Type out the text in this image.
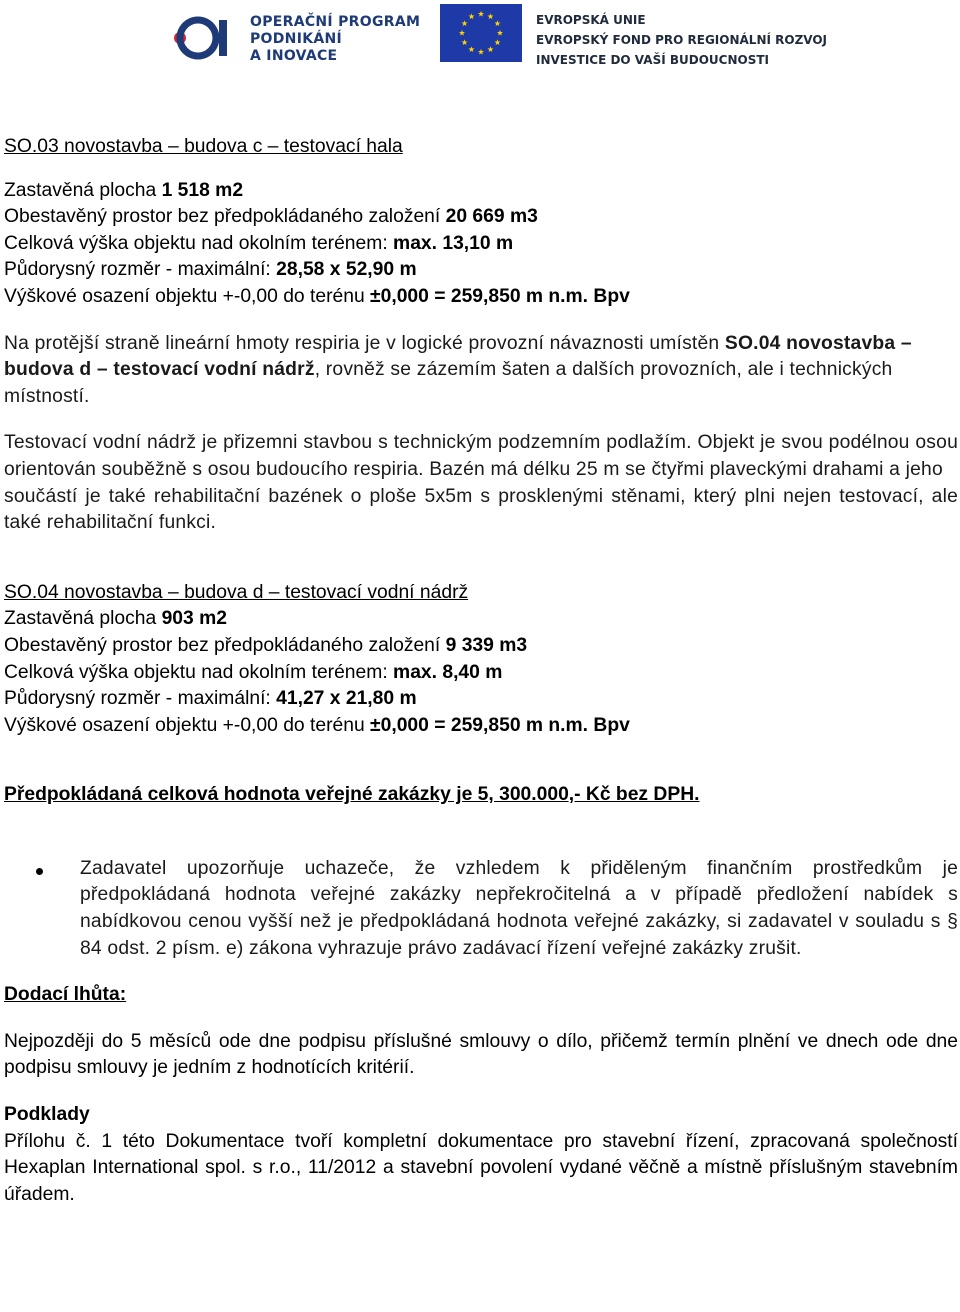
OPERAČNÍ PROGRAM
PODNIKÁNÍ
A INOVACE
EVROPSKÁ UNIE
EVROPSKÝ FOND PRO REGIONÁLNÍ ROZVOJ
INVESTICE DO VAŠÍ BUDOUCNOSTI

SO.03 novostavba – budova c – testovací hala

Zastavěná plocha 1 518 m2

Obestavěný prostor bez předpokládaného založení 20 669 m3

Celková výška objektu nad okolním terénem: max. 13,10 m

Půdorysný rozměr - maximální: 28,58 x 52,90 m

Výškové osazení objektu +-0,00 do terénu ±0,000 = 259,850 m n.m. Bpv

Na protější straně lineární hmoty respiria je v logické provozní návaznosti umístěn SO.04 novostavba – budova d – testovací vodní nádrž, rovněž se zázemím šaten a dalších provozních, ale i technických místností.

Testovací vodní nádrž je přizemni stavbou s technickým podzemním podlažím. Objekt je svou podélnou osou orientován souběžně s osou budoucího respiria. Bazén má délku 25 m se čtyřmi plaveckými drahami a jeho

součástí je také rehabilitační bazének o ploše 5x5m s prosklenými stěnami, který plni nejen testovací, ale také rehabilitační funkci.

SO.04 novostavba – budova d – testovací vodní nádrž

Zastavěná plocha 903 m2

Obestavěný prostor bez předpokládaného založení 9 339 m3

Celková výška objektu nad okolním terénem: max. 8,40 m

Půdorysný rozměr - maximální: 41,27 x 21,80 m

Výškové osazení objektu +-0,00 do terénu ±0,000 = 259,850 m n.m. Bpv

Předpokládaná celková hodnota veřejné zakázky je 5, 300.000,- Kč bez DPH.

Zadavatel upozorňuje uchazeče, že vzhledem k přiděleným finančním prostředkům je předpokládaná hodnota veřejné zakázky nepřekročitelná a v případě předložení nabídek s nabídkovou cenou vyšší než je předpokládaná hodnota veřejné zakázky, si zadavatel v souladu s § 84 odst. 2 písm. e) zákona vyhrazuje právo zadávací řízení veřejné zakázky zrušit.

Dodací lhůta:

Nejpozději do 5 měsíců ode dne podpisu příslušné smlouvy o dílo, přičemž termín plnění ve dnech ode dne podpisu smlouvy je jedním z hodnotících kritérií.

Podklady

Přílohu č. 1 této Dokumentace tvoří kompletní dokumentace pro stavební řízení, zpracovaná společností Hexaplan International spol. s r.o., 11/2012 a stavební povolení vydané věčně a místně příslušným stavebním úřadem.
